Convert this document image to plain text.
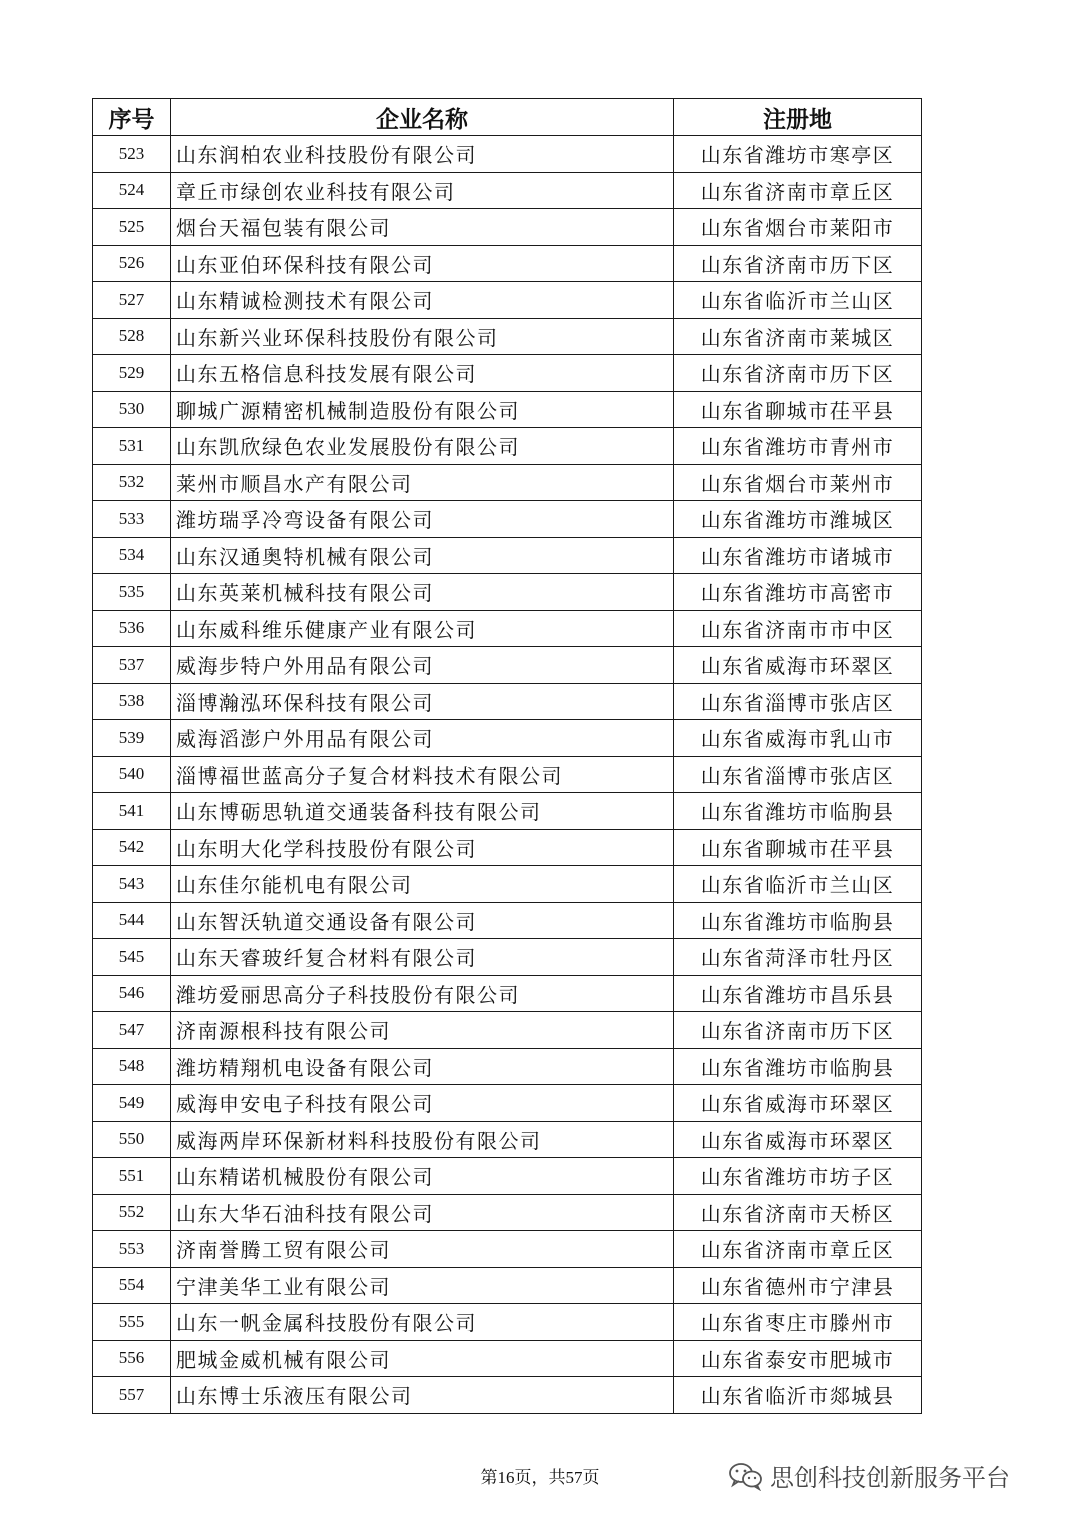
序号	企业名称	注册地
523	山东润柏农业科技股份有限公司	山东省潍坊市寒亭区
524	章丘市绿创农业科技有限公司	山东省济南市章丘区
525	烟台天福包装有限公司	山东省烟台市莱阳市
526	山东亚伯环保科技有限公司	山东省济南市历下区
527	山东精诚检测技术有限公司	山东省临沂市兰山区
528	山东新兴业环保科技股份有限公司	山东省济南市莱城区
529	山东五格信息科技发展有限公司	山东省济南市历下区
530	聊城广源精密机械制造股份有限公司	山东省聊城市茌平县
531	山东凯欣绿色农业发展股份有限公司	山东省潍坊市青州市
532	莱州市顺昌水产有限公司	山东省烟台市莱州市
533	潍坊瑞孚冷弯设备有限公司	山东省潍坊市潍城区
534	山东汉通奥特机械有限公司	山东省潍坊市诸城市
535	山东英莱机械科技有限公司	山东省潍坊市高密市
536	山东威科维乐健康产业有限公司	山东省济南市市中区
537	威海步特户外用品有限公司	山东省威海市环翠区
538	淄博瀚泓环保科技有限公司	山东省淄博市张店区
539	威海滔澎户外用品有限公司	山东省威海市乳山市
540	淄博福世蓝高分子复合材料技术有限公司	山东省淄博市张店区
541	山东博砺思轨道交通装备科技有限公司	山东省潍坊市临朐县
542	山东明大化学科技股份有限公司	山东省聊城市茌平县
543	山东佳尔能机电有限公司	山东省临沂市兰山区
544	山东智沃轨道交通设备有限公司	山东省潍坊市临朐县
545	山东天睿玻纤复合材料有限公司	山东省菏泽市牡丹区
546	潍坊爱丽思高分子科技股份有限公司	山东省潍坊市昌乐县
547	济南源根科技有限公司	山东省济南市历下区
548	潍坊精翔机电设备有限公司	山东省潍坊市临朐县
549	威海申安电子科技有限公司	山东省威海市环翠区
550	威海两岸环保新材料科技股份有限公司	山东省威海市环翠区
551	山东精诺机械股份有限公司	山东省潍坊市坊子区
552	山东大华石油科技有限公司	山东省济南市天桥区
553	济南誉腾工贸有限公司	山东省济南市章丘区
554	宁津美华工业有限公司	山东省德州市宁津县
555	山东一帆金属科技股份有限公司	山东省枣庄市滕州市
556	肥城金威机械有限公司	山东省泰安市肥城市
557	山东博士乐液压有限公司	山东省临沂市郯城县
第16页，共57页	思创科技创新服务平台
